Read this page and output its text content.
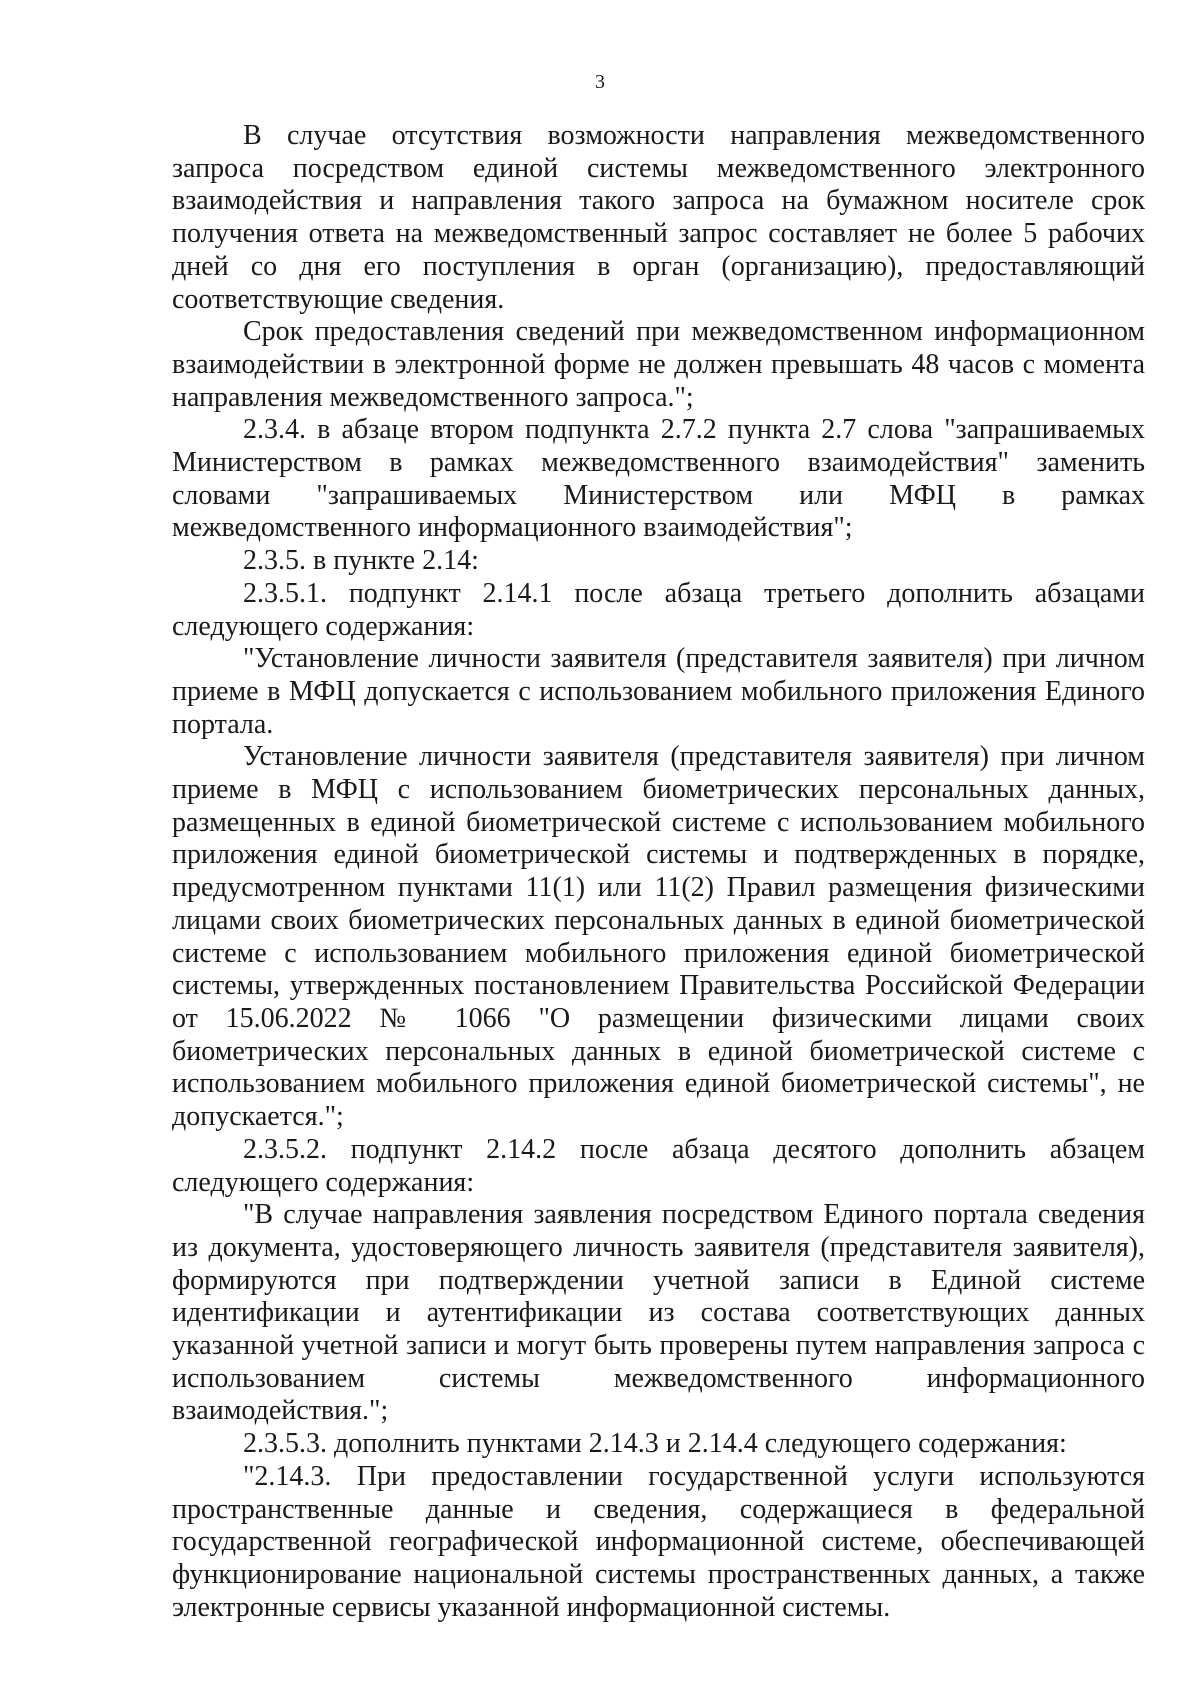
3

В случае отсутствия возможности направления межведомственного запроса посредством единой системы межведомственного электронного взаимодействия и направления такого запроса на бумажном носителе срок получения ответа на межведомственный запрос составляет не более 5 рабочих дней со дня его поступления в орган (организацию), предоставляющий соответствующие сведения.

Срок предоставления сведений при межведомственном информационном взаимодействии в электронной форме не должен превышать 48 часов с момента направления межведомственного запроса.";

2.3.4. в абзаце втором подпункта 2.7.2 пункта 2.7 слова "запрашиваемых Министерством в рамках межведомственного взаимодействия" заменить словами "запрашиваемых Министерством или МФЦ в рамках межведомственного информационного взаимодействия";

2.3.5. в пункте 2.14:

2.3.5.1. подпункт 2.14.1 после абзаца третьего дополнить абзацами следующего содержания:

"Установление личности заявителя (представителя заявителя) при личном приеме в МФЦ допускается с использованием мобильного приложения Единого портала.

Установление личности заявителя (представителя заявителя) при личном приеме в МФЦ с использованием биометрических персональных данных, размещенных в единой биометрической системе с использованием мобильного приложения единой биометрической системы и подтвержденных в порядке, предусмотренном пунктами 11(1) или 11(2) Правил размещения физическими лицами своих биометрических персональных данных в единой биометрической системе с использованием мобильного приложения единой биометрической системы, утвержденных постановлением Правительства Российской Федерации от 15.06.2022 № 1066 "О размещении физическими лицами своих биометрических персональных данных в единой биометрической системе с использованием мобильного приложения единой биометрической системы", не допускается.";

2.3.5.2. подпункт 2.14.2 после абзаца десятого дополнить абзацем следующего содержания:

"В случае направления заявления посредством Единого портала сведения из документа, удостоверяющего личность заявителя (представителя заявителя), формируются при подтверждении учетной записи в Единой системе идентификации и аутентификации из состава соответствующих данных указанной учетной записи и могут быть проверены путем направления запроса с использованием системы межведомственного информационного взаимодействия.";

2.3.5.3. дополнить пунктами 2.14.3 и 2.14.4 следующего содержания:

"2.14.3. При предоставлении государственной услуги используются пространственные данные и сведения, содержащиеся в федеральной государственной географической информационной системе, обеспечивающей функционирование национальной системы пространственных данных, а также электронные сервисы указанной информационной системы.
